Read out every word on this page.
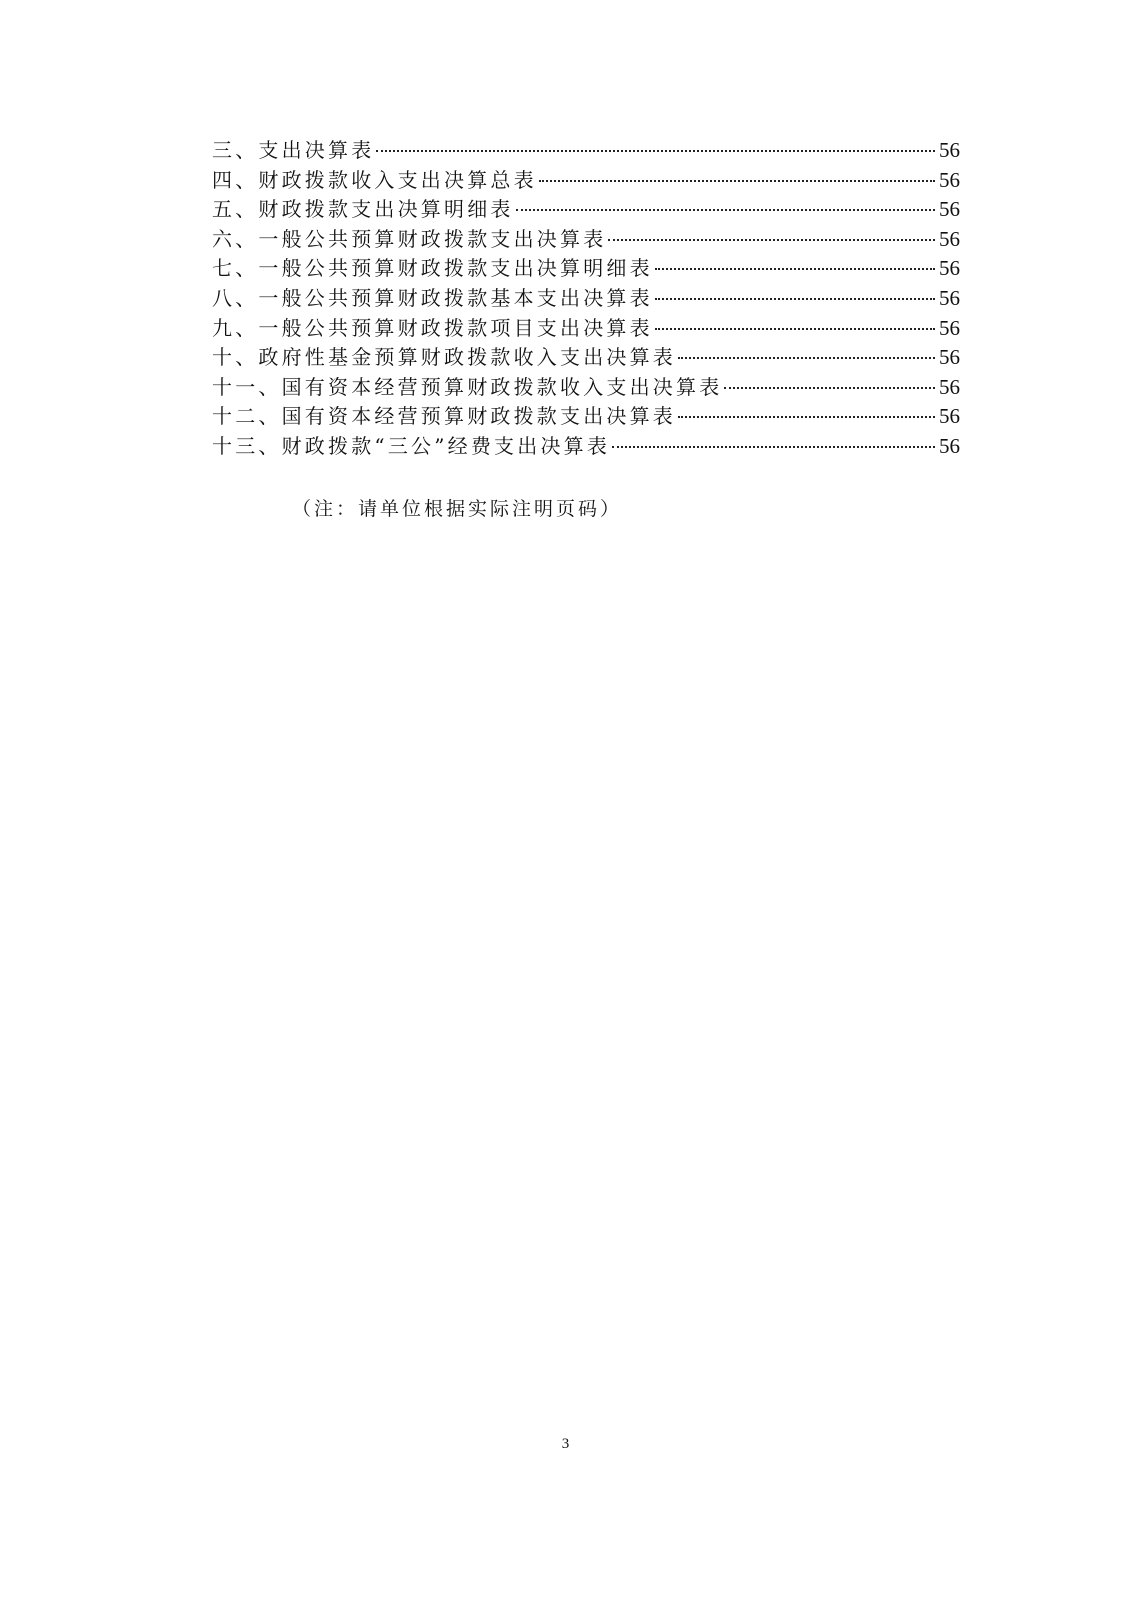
三、支出决算表	56
四、财政拨款收入支出决算总表	56
五、财政拨款支出决算明细表	56
六、一般公共预算财政拨款支出决算表	56
七、一般公共预算财政拨款支出决算明细表	56
八、一般公共预算财政拨款基本支出决算表	56
九、一般公共预算财政拨款项目支出决算表	56
十、政府性基金预算财政拨款收入支出决算表	56
十一、国有资本经营预算财政拨款收入支出决算表	56
十二、国有资本经营预算财政拨款支出决算表	56
十三、财政拨款“三公”经费支出决算表	56

（注：请单位根据实际注明页码）

3
